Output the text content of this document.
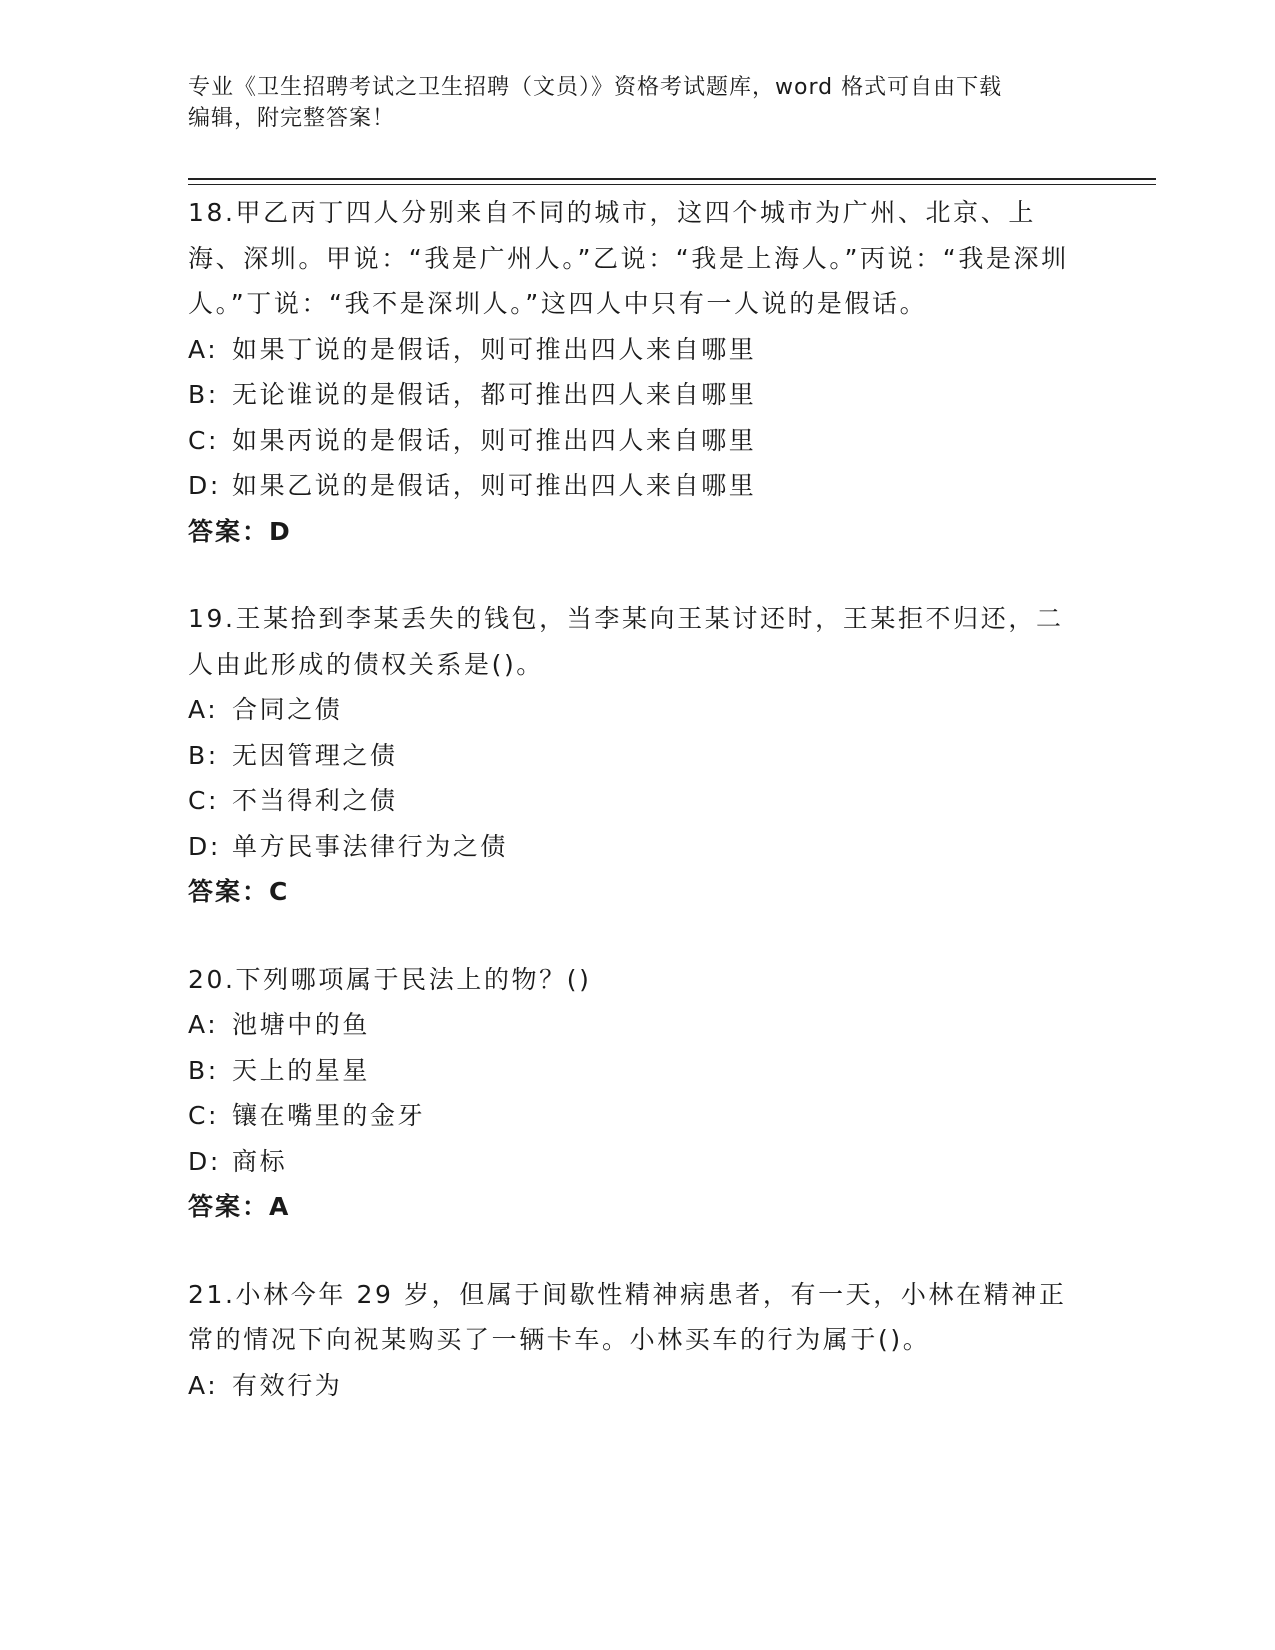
专业《卫生招聘考试之卫生招聘（文员）》资格考试题库，word 格式可自由下载
编辑，附完整答案！

18.甲乙丙丁四人分别来自不同的城市，这四个城市为广州、北京、上海、深圳。甲说：“我是广州人。”乙说：“我是上海人。”丙说：“我是深圳人。”丁说：“我不是深圳人。”这四人中只有一人说的是假话。

A: 如果丁说的是假话，则可推出四人来自哪里

B: 无论谁说的是假话，都可推出四人来自哪里

C: 如果丙说的是假话，则可推出四人来自哪里

D: 如果乙说的是假话，则可推出四人来自哪里

答案：D

19.王某拾到李某丢失的钱包，当李某向王某讨还时，王某拒不归还，二人由此形成的债权关系是()。

A: 合同之债

B: 无因管理之债

C: 不当得利之债

D: 单方民事法律行为之债

答案：C

20.下列哪项属于民法上的物？()

A: 池塘中的鱼

B: 天上的星星

C: 镶在嘴里的金牙

D: 商标

答案：A

21.小林今年 29 岁，但属于间歇性精神病患者，有一天，小林在精神正常的情况下向祝某购买了一辆卡车。小林买车的行为属于()。

A: 有效行为
